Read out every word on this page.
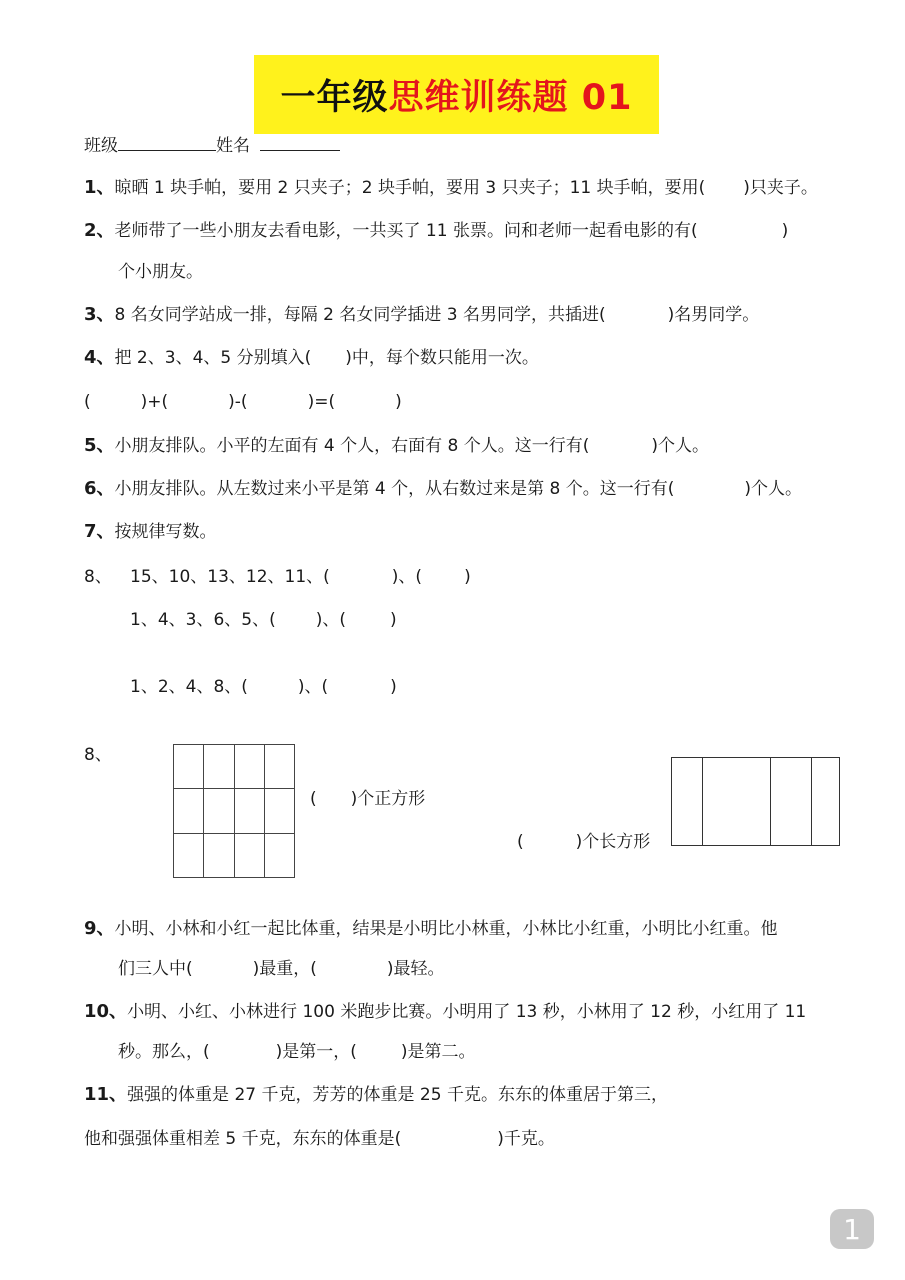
一年级 思维训练题 01
班级	姓名
1、晾晒 1 块手帕，要用 2 只夹子；2 块手帕，要用 3 只夹子；11 块手帕，要用( )只夹子。
2、老师带了一些小朋友去看电影，一共买了 11 张票。问和老师一起看电影的有(	)
个小朋友。
3、8 名女同学站成一排，每隔 2 名女同学插进 3 名男同学，共插进(	)名男同学。
4、把 2、3、4、5 分别填入(　　)中，每个数只能用一次。
(	)+(	)-(	)=(	)
5、小朋友排队。小平的左面有 4 个人，右面有 8 个人。这一行有(	)个人。
6、小朋友排队。从左数过来小平是第 4 个，从右数过来是第 8 个。这一行有(	)个人。
7、按规律写数。
8、 15、10、13、12、11、(	)、( )
1、4、3、6、5、( )、(	)
1、2、4、8、(	)、(	)
8、

( )个正方形
(	)个长方形
9、小明、小林和小红一起比体重，结果是小明比小林重，小林比小红重，小明比小红重。他
们三人中(	)最重，(	)最轻。
10、小明、小红、小林进行 100 米跑步比赛。小明用了 13 秒，小林用了 12 秒，小红用了 11
秒。那么，(	)是第一，(	)是第二。
11、强强的体重是 27 千克，芳芳的体重是 25 千克。东东的体重居于第三，
他和强强体重相差 5 千克，东东的体重是(	)千克。
1
